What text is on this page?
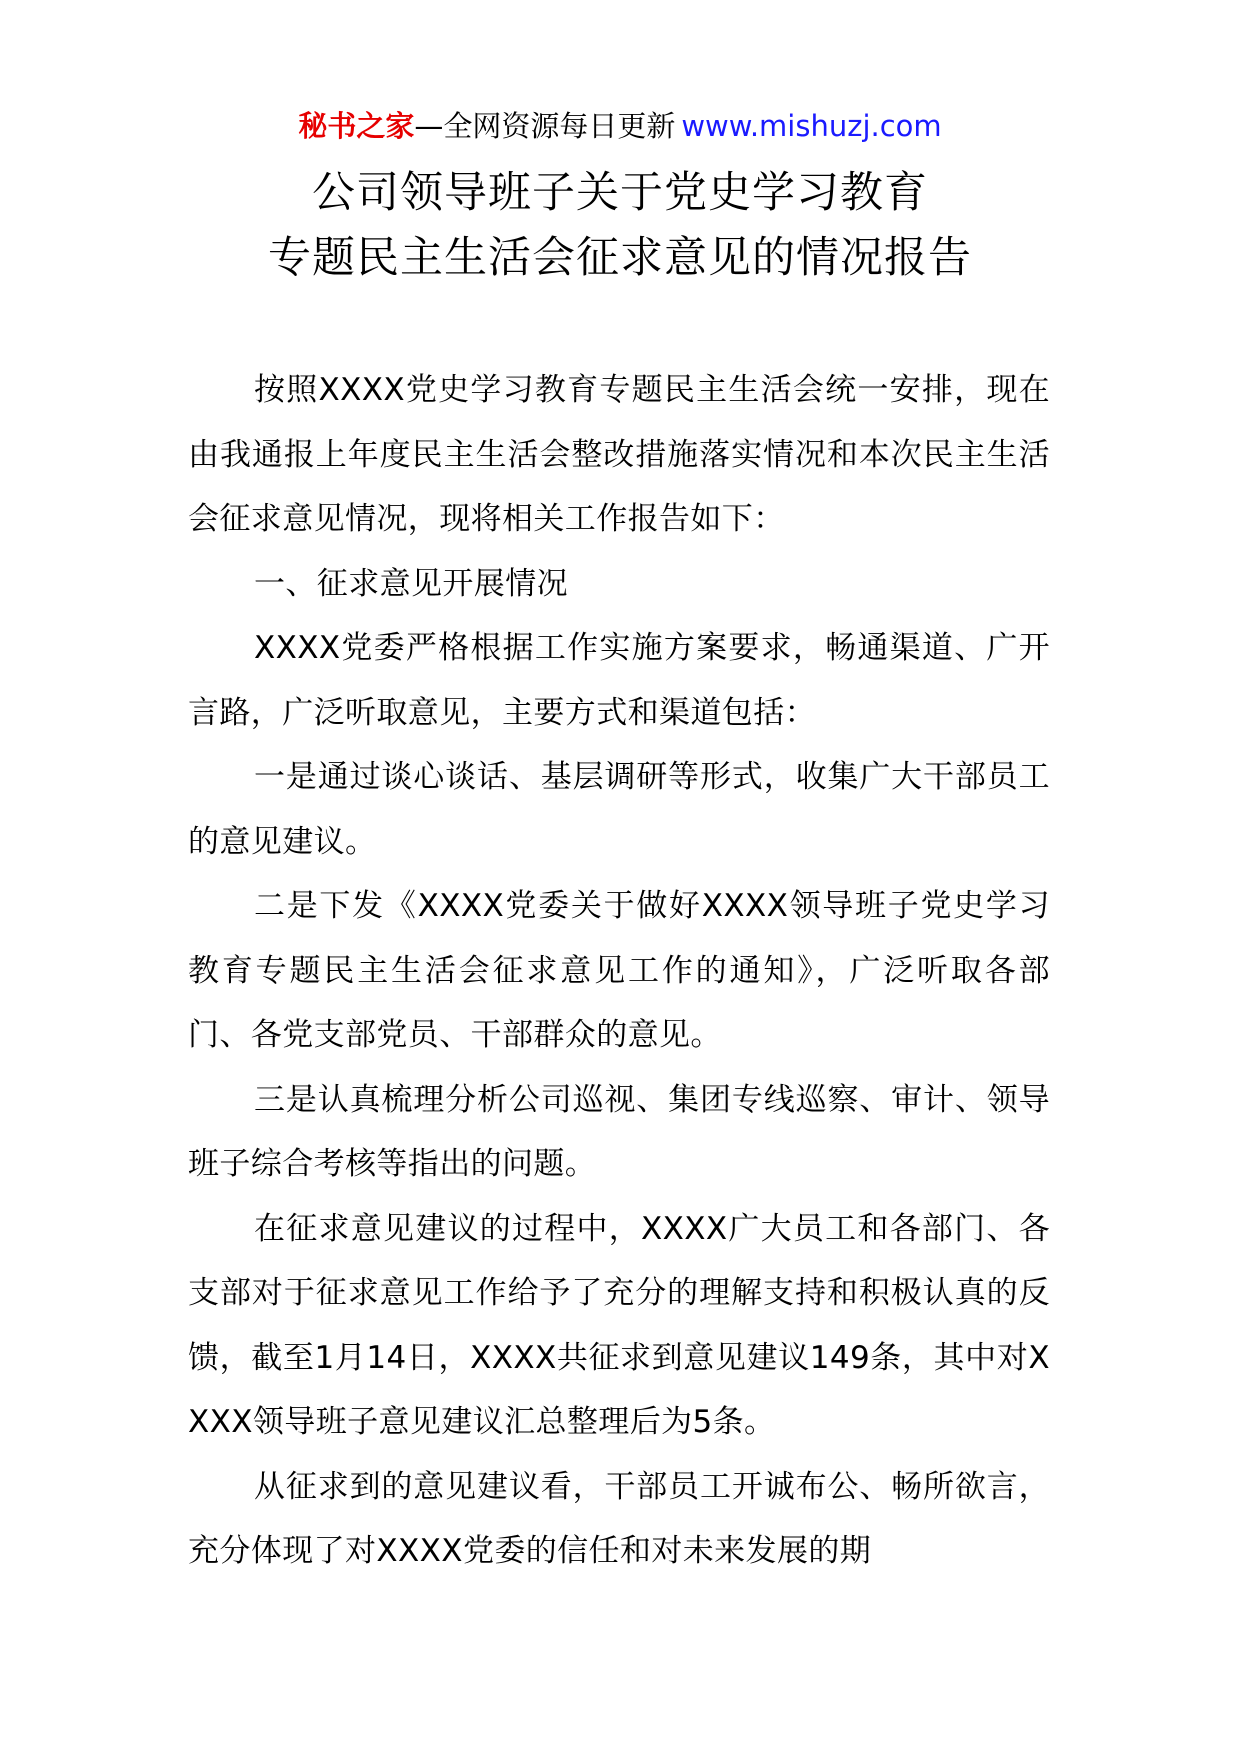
秘书之家—全网资源每日更新 www.mishuzj.com
公司领导班子关于党史学习教育
专题民主生活会征求意见的情况报告

按照XXXX党史学习教育专题民主生活会统一安排，现在由我通报上年度民主生活会整改措施落实情况和本次民主生活会征求意见情况，现将相关工作报告如下：

一、征求意见开展情况

XXXX党委严格根据工作实施方案要求，畅通渠道、广开言路，广泛听取意见，主要方式和渠道包括：

一是通过谈心谈话、基层调研等形式，收集广大干部员工的意见建议。

二是下发《XXXX党委关于做好XXXX领导班子党史学习教育专题民主生活会征求意见工作的通知》，广泛听取各部门、各党支部党员、干部群众的意见。

三是认真梳理分析公司巡视、集团专线巡察、审计、领导班子综合考核等指出的问题。

在征求意见建议的过程中，XXXX广大员工和各部门、各支部对于征求意见工作给予了充分的理解支持和积极认真的反馈，截至1月14日，XXXX共征求到意见建议149条，其中对XXXX领导班子意见建议汇总整理后为5条。

从征求到的意见建议看，干部员工开诚布公、畅所欲言，充分体现了对XXXX党委的信任和对未来发展的期
